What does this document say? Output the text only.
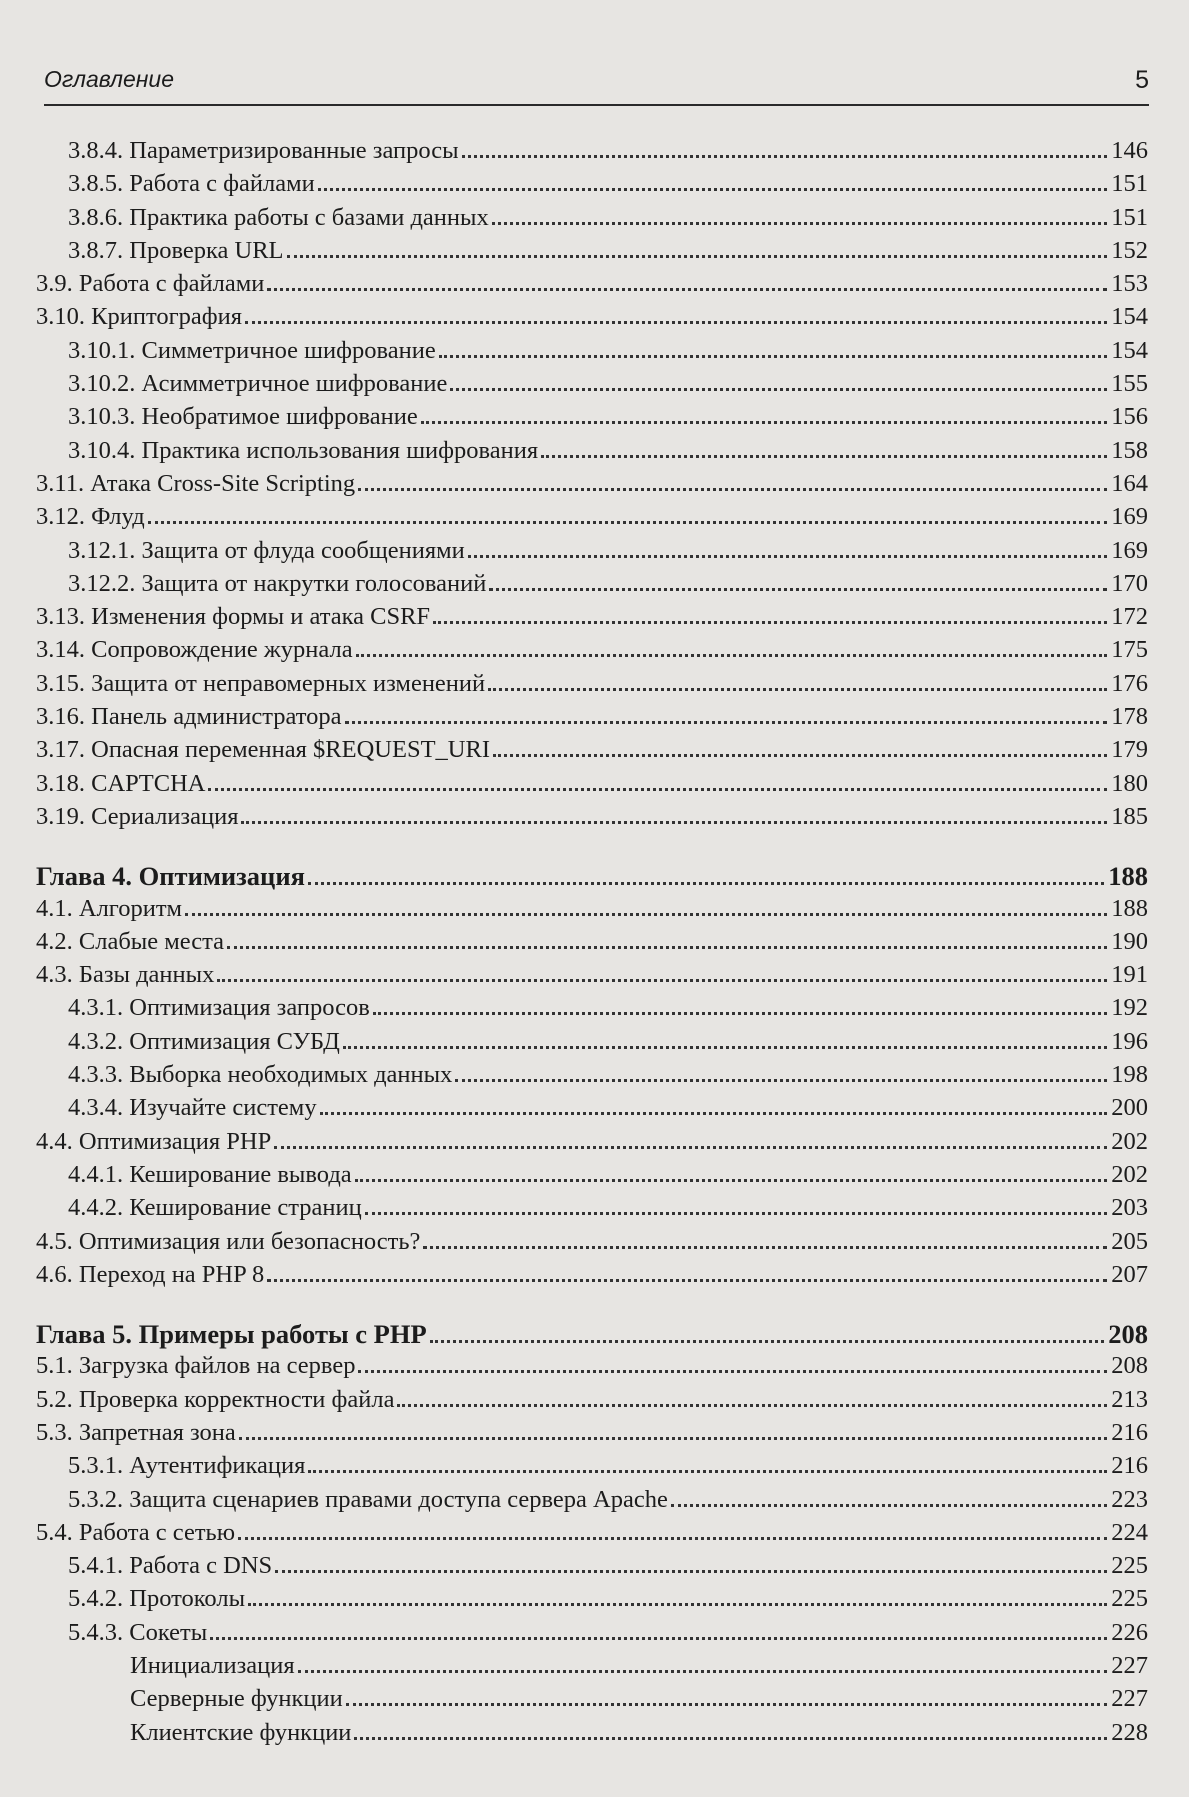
Оглавление	5
3.8.4. Параметризированные запросы	146
3.8.5. Работа с файлами	151
3.8.6. Практика работы с базами данных	151
3.8.7. Проверка URL	152
3.9. Работа с файлами	153
3.10. Криптография	154
3.10.1. Симметричное шифрование	154
3.10.2. Асимметричное шифрование	155
3.10.3. Необратимое шифрование	156
3.10.4. Практика использования шифрования	158
3.11. Атака Cross-Site Scripting	164
3.12. Флуд	169
3.12.1. Защита от флуда сообщениями	169
3.12.2. Защита от накрутки голосований	170
3.13. Изменения формы и атака CSRF	172
3.14. Сопровождение журнала	175
3.15. Защита от неправомерных изменений	176
3.16. Панель администратора	178
3.17. Опасная переменная $REQUEST_URI	179
3.18. CAPTCHA	180
3.19. Сериализация	185
Глава 4. Оптимизация	188
4.1. Алгоритм	188
4.2. Слабые места	190
4.3. Базы данных	191
4.3.1. Оптимизация запросов	192
4.3.2. Оптимизация СУБД	196
4.3.3. Выборка необходимых данных	198
4.3.4. Изучайте систему	200
4.4. Оптимизация PHP	202
4.4.1. Кеширование вывода	202
4.4.2. Кеширование страниц	203
4.5. Оптимизация или безопасность?	205
4.6. Переход на PHP 8	207
Глава 5. Примеры работы с PHP	208
5.1. Загрузка файлов на сервер	208
5.2. Проверка корректности файла	213
5.3. Запретная зона	216
5.3.1. Аутентификация	216
5.3.2. Защита сценариев правами доступа сервера Apache	223
5.4. Работа с сетью	224
5.4.1. Работа с DNS	225
5.4.2. Протоколы	225
5.4.3. Сокеты	226
Инициализация	227
Серверные функции	227
Клиентские функции	228
